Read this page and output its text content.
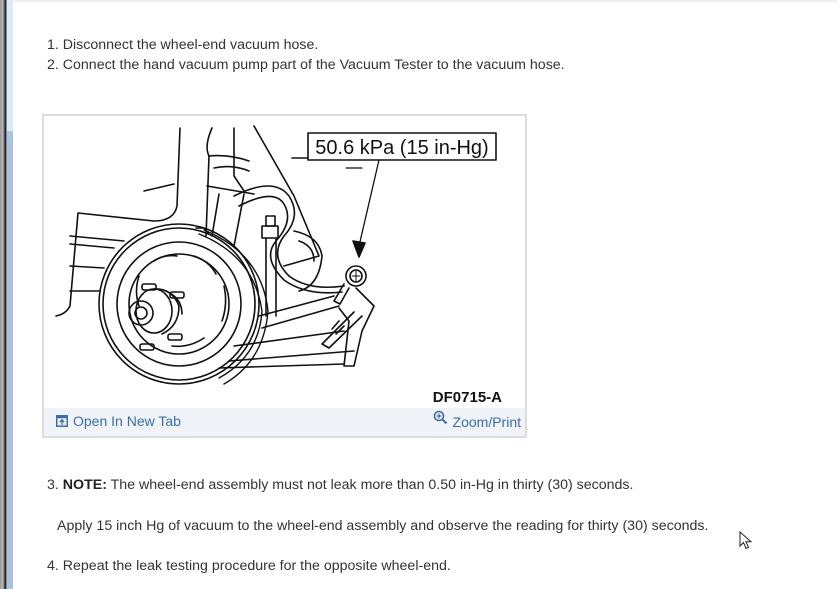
1. Disconnect the wheel-end vacuum hose.
2. Connect the hand vacuum pump part of the Vacuum Tester to the vacuum hose.
50.6 kPa (15 in-Hg)
DF0715-A
Open In New Tab	Zoom/Print
3. NOTE: The wheel-end assembly must not leak more than 0.50 in-Hg in thirty (30) seconds.
Apply 15 inch Hg of vacuum to the wheel-end assembly and observe the reading for thirty (30) seconds.
4. Repeat the leak testing procedure for the opposite wheel-end.
